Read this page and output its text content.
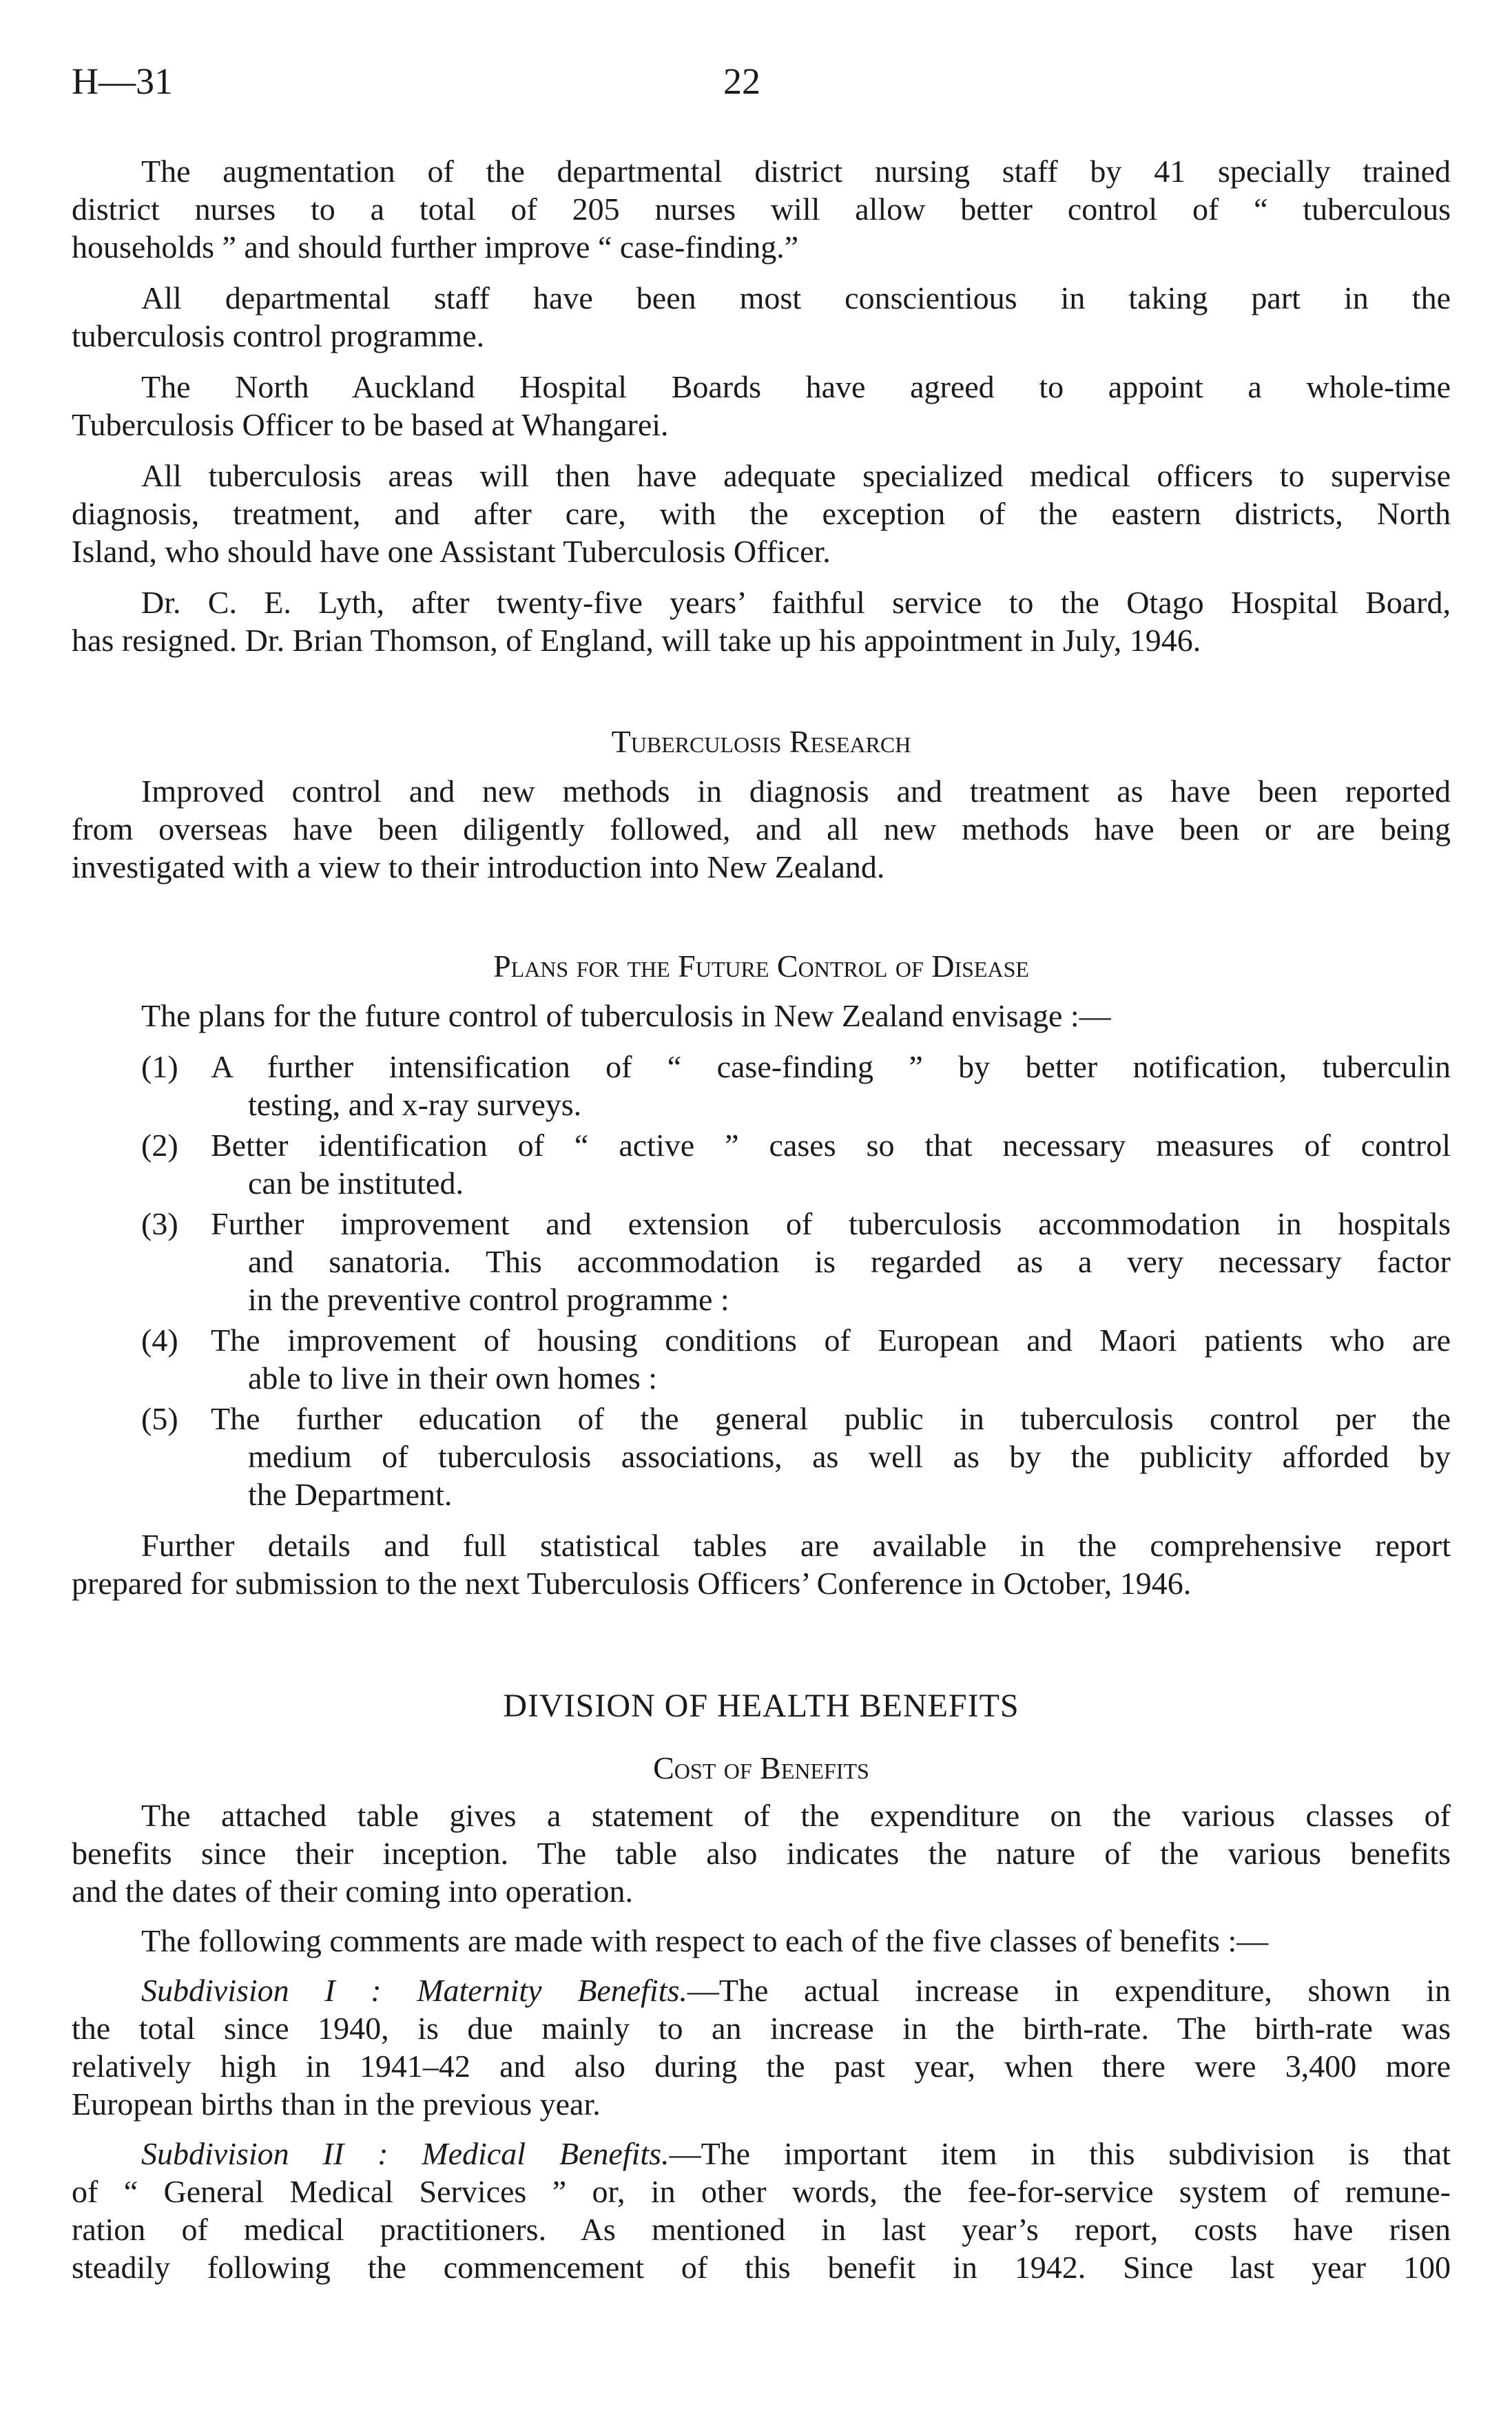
H—31	22
The augmentation of the departmental district nursing staff by 41 specially trained
district nurses to a total of 205 nurses will allow better control of “ tuberculous
households ” and should further improve “ case-finding.”
All departmental staff have been most conscientious in taking part in the
tuberculosis control programme.
The North Auckland Hospital Boards have agreed to appoint a whole-time
Tuberculosis Officer to be based at Whangarei.
All tuberculosis areas will then have adequate specialized medical officers to supervise
diagnosis, treatment, and after care, with the exception of the eastern districts, North
Island, who should have one Assistant Tuberculosis Officer.
Dr. C. E. Lyth, after twenty-five years’ faithful service to the Otago Hospital Board,
has resigned. Dr. Brian Thomson, of England, will take up his appointment in July, 1946.
Tuberculosis Research
Improved control and new methods in diagnosis and treatment as have been reported
from overseas have been diligently followed, and all new methods have been or are being
investigated with a view to their introduction into New Zealand.
Plans for the Future Control of Disease
The plans for the future control of tuberculosis in New Zealand envisage :—
(1)	A further intensification of “ case-finding ” by better notification, tuberculin
testing, and x-ray surveys.
(2)	Better identification of “ active ” cases so that necessary measures of control
can be instituted.
(3)	Further improvement and extension of tuberculosis accommodation in hospitals
and sanatoria. This accommodation is regarded as a very necessary factor
in the preventive control programme :
(4)	The improvement of housing conditions of European and Maori patients who are
able to live in their own homes :
(5)	The further education of the general public in tuberculosis control per the
medium of tuberculosis associations, as well as by the publicity afforded by
the Department.
Further details and full statistical tables are available in the comprehensive report
prepared for submission to the next Tuberculosis Officers’ Conference in October, 1946.
DIVISION OF HEALTH BENEFITS
Cost of Benefits
The attached table gives a statement of the expenditure on the various classes of
benefits since their inception. The table also indicates the nature of the various benefits
and the dates of their coming into operation.
The following comments are made with respect to each of the five classes of benefits :—
Subdivision I : Maternity Benefits.—The actual increase in expenditure, shown in
the total since 1940, is due mainly to an increase in the birth-rate. The birth-rate was
relatively high in 1941–42 and also during the past year, when there were 3,400 more
European births than in the previous year.
Subdivision II : Medical Benefits.—The important item in this subdivision is that
of “ General Medical Services ” or, in other words, the fee-for-service system of remune-
ration of medical practitioners. As mentioned in last year’s report, costs have risen
steadily following the commencement of this benefit in 1942. Since last year 100
